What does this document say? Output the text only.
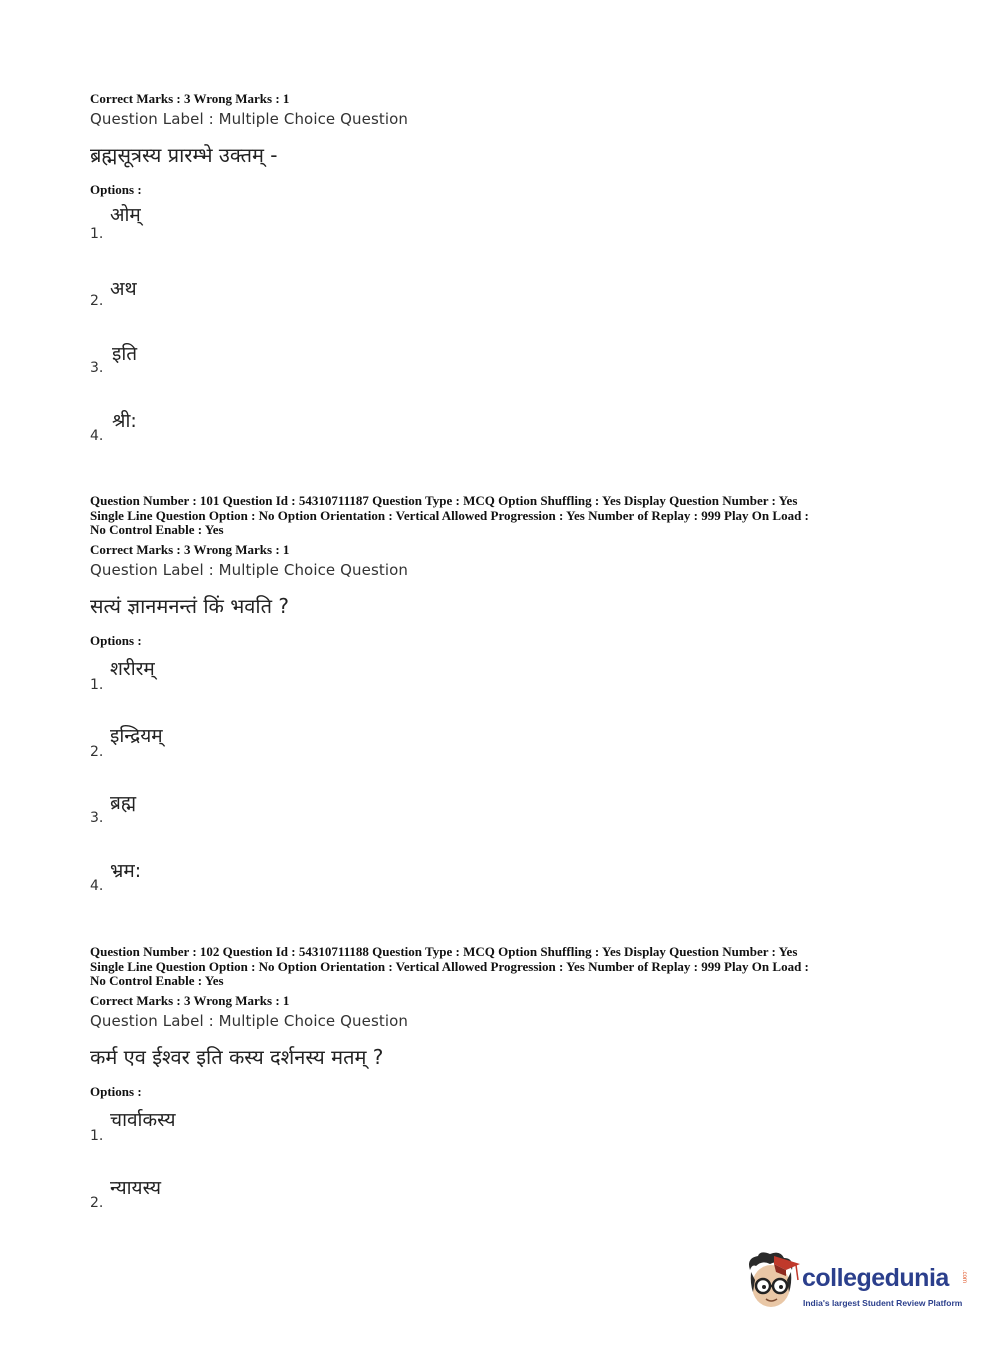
Correct Marks : 3 Wrong Marks : 1
Question Label : Multiple Choice Question
ब्रह्मसूत्रस्य प्रारम्भे उक्तम् -
Options :
1.
ओम्
2.
अथ
3.
इति
4.
श्री:
Question Number : 101 Question Id : 54310711187 Question Type : MCQ Option Shuffling : Yes Display Question Number : Yes
Single Line Question Option : No Option Orientation : Vertical Allowed Progression : Yes Number of Replay : 999 Play On Load :
No Control Enable : Yes
Correct Marks : 3 Wrong Marks : 1
Question Label : Multiple Choice Question
सत्यं ज्ञानमनन्तं किं भवति ?
Options :
1.
शरीरम्
2.
इन्द्रियम्
3.
ब्रह्म
4.
भ्रम:
Question Number : 102 Question Id : 54310711188 Question Type : MCQ Option Shuffling : Yes Display Question Number : Yes
Single Line Question Option : No Option Orientation : Vertical Allowed Progression : Yes Number of Replay : 999 Play On Load :
No Control Enable : Yes
Correct Marks : 3 Wrong Marks : 1
Question Label : Multiple Choice Question
कर्म एव ईश्वर इति कस्य दर्शनस्य मतम् ?
Options :
1.
चार्वाकस्य
2.
न्यायस्य
collegedunia .com
India's largest Student Review Platform
